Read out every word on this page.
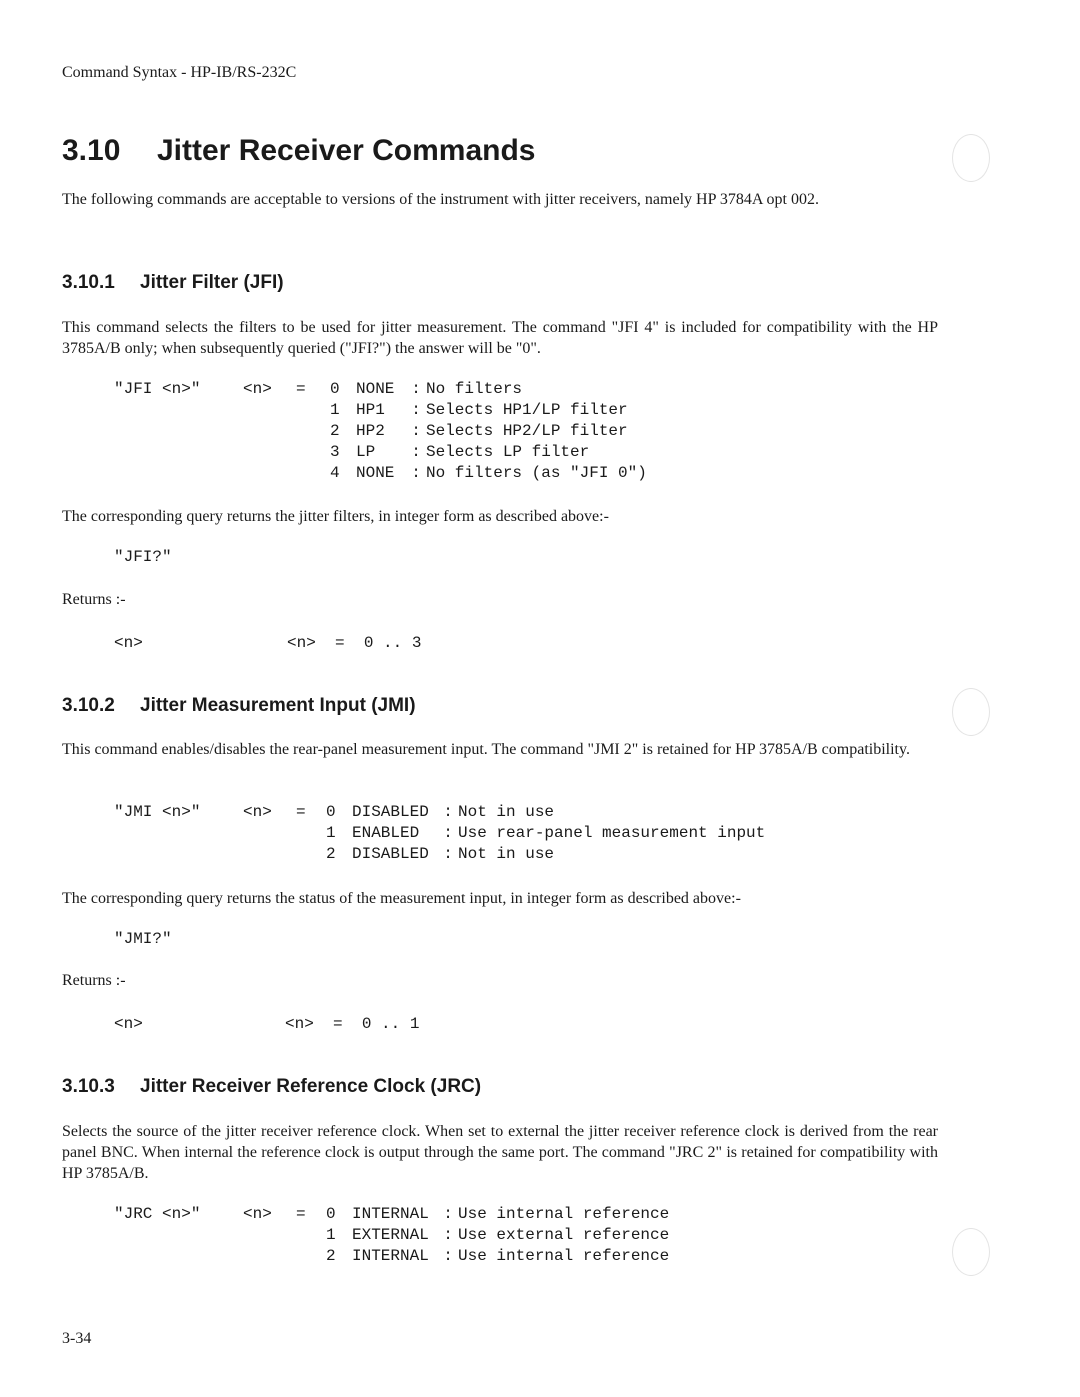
Command Syntax - HP-IB/RS-232C
3.10 Jitter Receiver Commands
The following commands are acceptable to versions of the instrument with jitter receivers, namely HP 3784A opt 002.
3.10.1 Jitter Filter (JFI)
This command selects the filters to be used for jitter measurement. The command "JFI 4" is included for compatibility with the HP 3785A/B only; when subsequently queried ("JFI?") the answer will be "0".
"JFI <n>"	<n> = 0 NONE : No filters
1 HP1 : Selects HP1/LP filter
2 HP2 : Selects HP2/LP filter
3 LP : Selects LP filter
4 NONE : No filters (as "JFI 0")
The corresponding query returns the jitter filters, in integer form as described above:-
"JFI?"
Returns :-
<n>	<n>  =  0 .. 3
3.10.2 Jitter Measurement Input (JMI)
This command enables/disables the rear-panel measurement input. The command "JMI 2" is retained for HP 3785A/B compatibility.
"JMI <n>"	<n> = 0 DISABLED : Not in use
1 ENABLED : Use rear-panel measurement input
2 DISABLED : Not in use
The corresponding query returns the status of the measurement input, in integer form as described above:-
"JMI?"
Returns :-
<n>	<n>  =  0 .. 1
3.10.3 Jitter Receiver Reference Clock (JRC)
Selects the source of the jitter receiver reference clock. When set to external the jitter receiver reference clock is derived from the rear panel BNC. When internal the reference clock is output through the same port. The command "JRC 2" is retained for compatibility with HP 3785A/B.
"JRC <n>"	<n> = 0 INTERNAL : Use internal reference
1 EXTERNAL : Use external reference
2 INTERNAL : Use internal reference
3-34
